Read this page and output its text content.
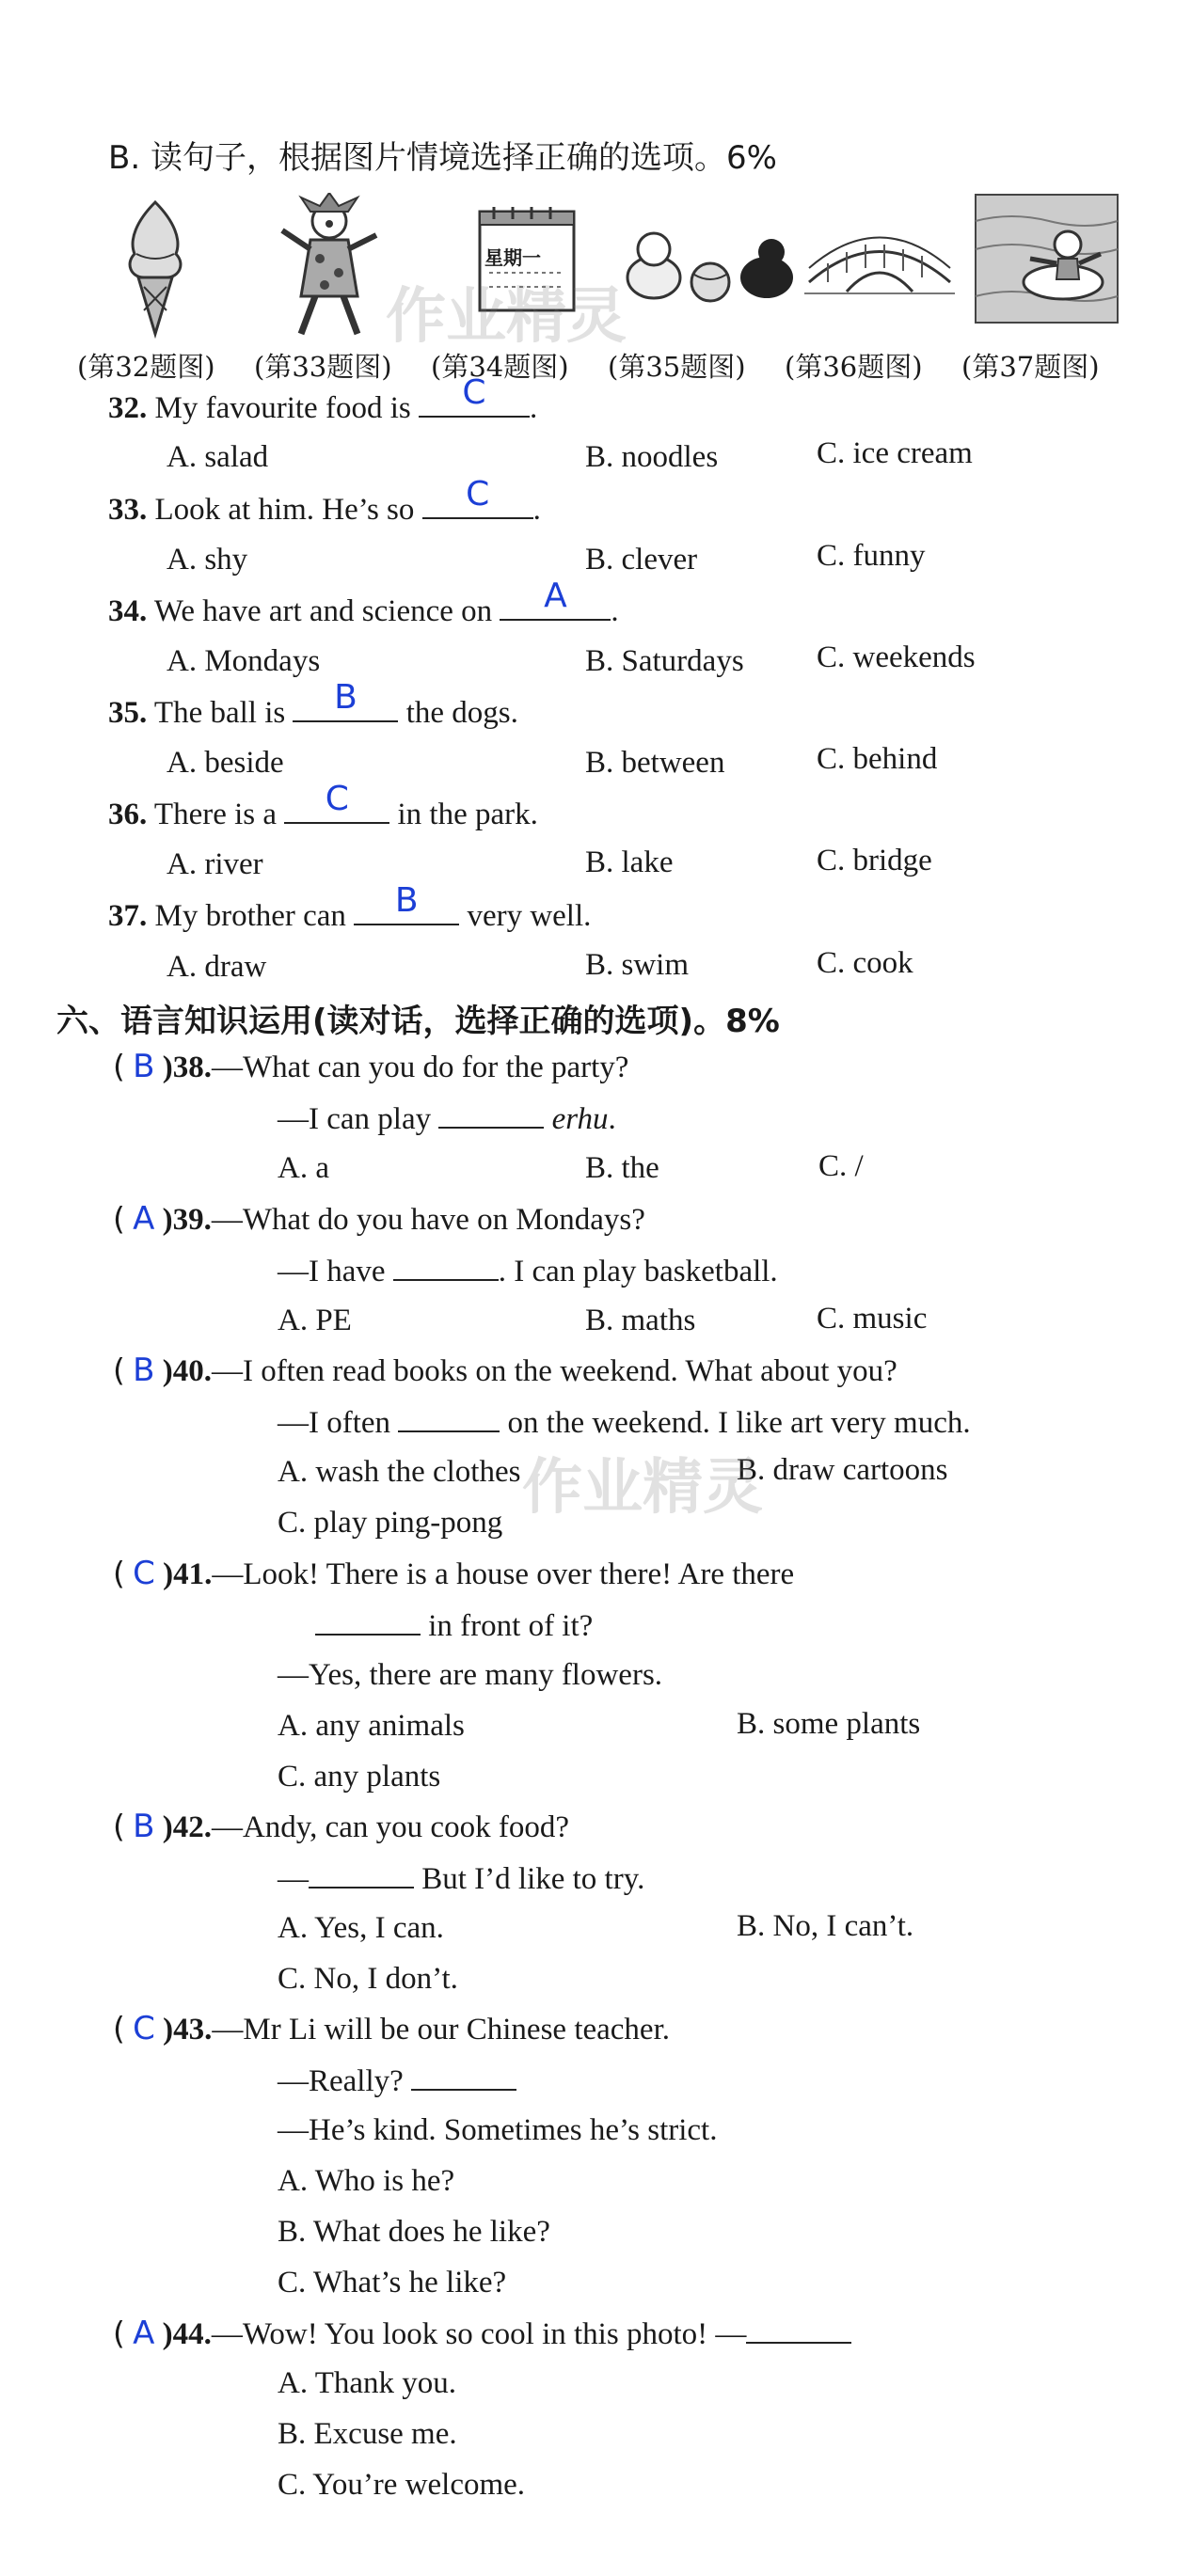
B. 读句子，根据图片情境选择正确的选项。6%
星期一
作业精灵
(第32题图) (第33题图) (第34题图) (第35题图) (第36题图) (第37题图)
32. My favourite food is C .
A. salad	B. noodles	C. ice cream
33. Look at him. He’s so C .
A. shy	B. clever	C. funny
34. We have art and science on A .
A. Mondays	B. Saturdays C. weekends
35. The ball is B the dogs.
A. beside	B. between	C. behind
36. There is a C in the park.
A. river	B. lake	C. bridge
37. My brother can B very well.
A. draw	B. swim	C. cook
六、语言知识运用(读对话，选择正确的选项)。8%
( B )38.—What can you do for the party?
—I can play	erhu.
A. a	B. the	C. /
( A )39.—What do you have on Mondays?
—I have	. I can play basketball.
A. PE	B. maths	C. music
( B )40.—I often read books on the weekend. What about you?
—I often	on the weekend. I like art very much.
A. wash the clothes	B. draw cartoons
C. play ping-pong 作业精灵
( C )41.—Look! There is a house over there! Are there
in front of it?
—Yes, there are many flowers.
A. any animals	B. some plants
C. any plants
( B )42.—Andy, can you cook food?
—	But I’d like to try.
A. Yes, I can.	B. No, I can’t.
C. No, I don’t.
( C )43.—Mr Li will be our Chinese teacher.
—Really?
—He’s kind. Sometimes he’s strict.
A. Who is he?
B. What does he like?
C. What’s he like?
( A )44.—Wow! You look so cool in this photo! —
A. Thank you.
B. Excuse me.
C. You’re welcome.
